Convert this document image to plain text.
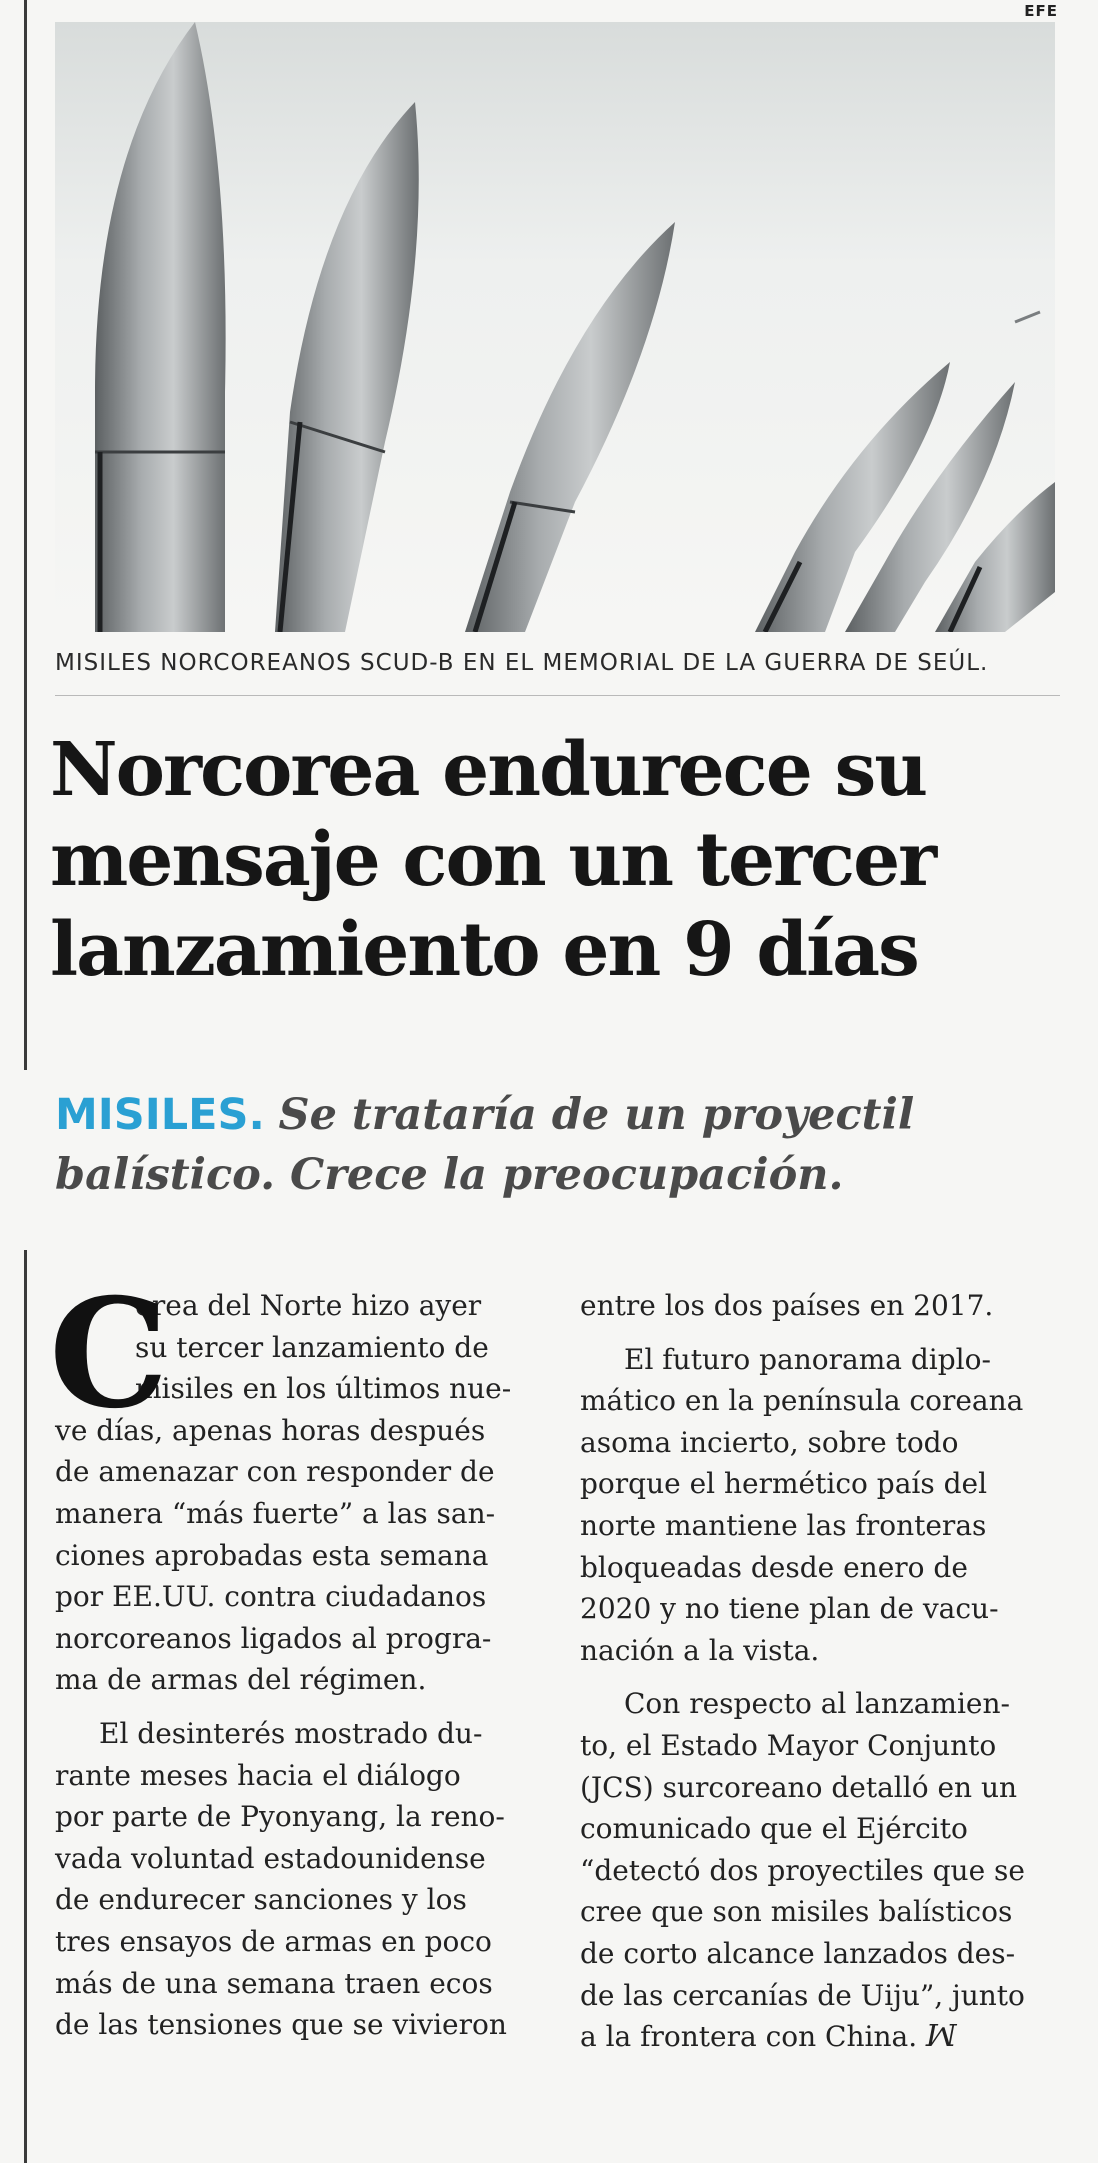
EFE
MISILES NORCOREANOS SCUD-B EN EL MEMORIAL DE LA GUERRA DE SEÚL.
Norcorea endurece su
mensaje con un tercer
lanzamiento en 9 días
MISILES. Se trataría de un proyectil
balístico. Crece la preocupación.
C
orea del Norte hizo ayer
su tercer lanzamiento de
misiles en los últimos nue-
ve días, apenas horas después
de amenazar con responder de
manera “más fuerte” a las san-
ciones aprobadas esta semana
por EE.UU. contra ciudadanos
norcoreanos ligados al progra-
ma de armas del régimen.
El desinterés mostrado du-
rante meses hacia el diálogo
por parte de Pyonyang, la reno-
vada voluntad estadounidense
de endurecer sanciones y los
tres ensayos de armas en poco
más de una semana traen ecos
de las tensiones que se vivieron
entre los dos países en 2017.
El futuro panorama diplo-
mático en la península coreana
asoma incierto, sobre todo
porque el hermético país del
norte mantiene las fronteras
bloqueadas desde enero de
2020 y no tiene plan de vacu-
nación a la vista.
Con respecto al lanzamien-
to, el Estado Mayor Conjunto
(JCS) surcoreano detalló en un
comunicado que el Ejército
“detectó dos proyectiles que se
cree que son misiles balísticos
de corto alcance lanzados des-
de las cercanías de Uiju”, junto
a la frontera con China. ꟽ
